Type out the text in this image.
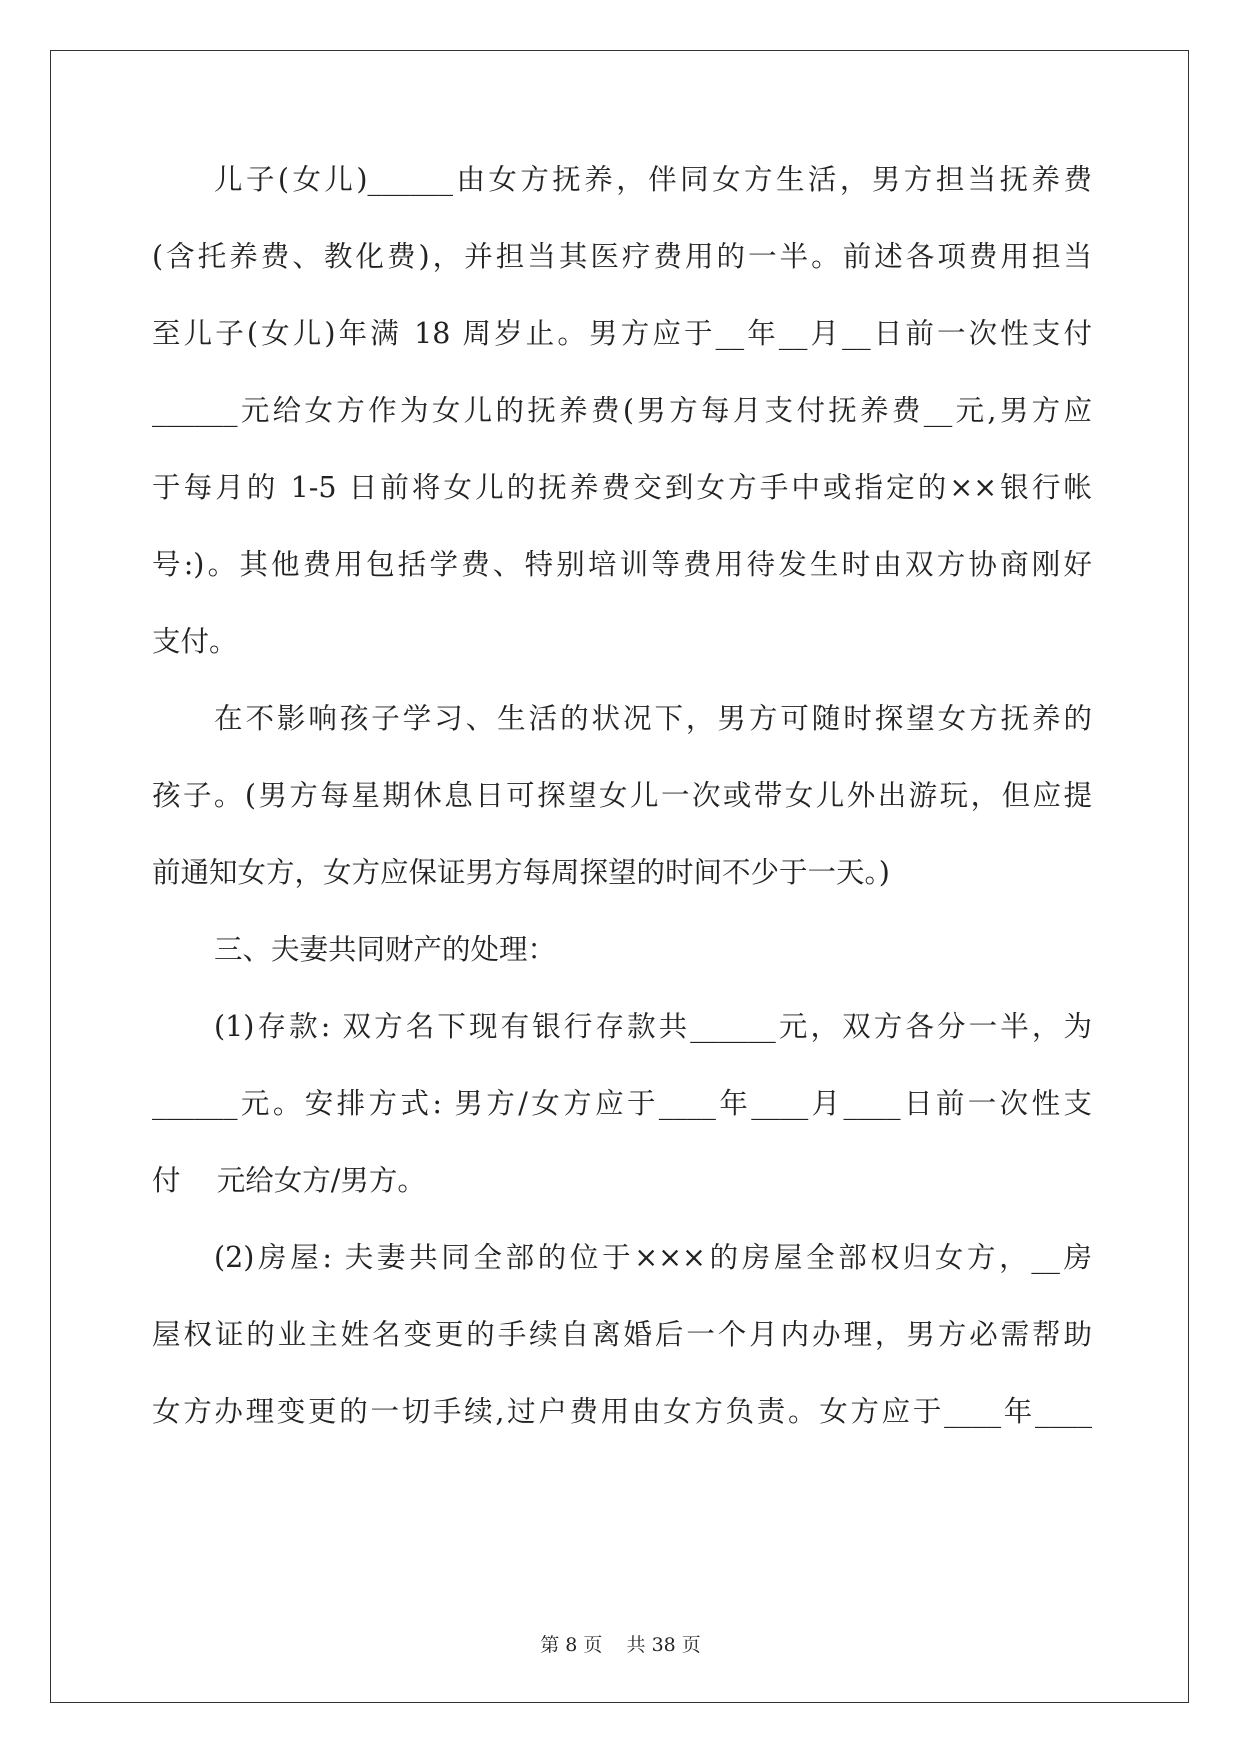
儿子(女儿)______由女方抚养，伴同女方生活，男方担当抚养费
(含托养费、教化费)，并担当其医疗费用的一半。前述各项费用担当
至儿子(女儿)年满 18 周岁止。男方应于__年__月__日前一次性支付
______元给女方作为女儿的抚养费(男方每月支付抚养费__元,男方应
于每月的 1-5 日前将女儿的抚养费交到女方手中或指定的××银行帐
号:)。其他费用包括学费、特别培训等费用待发生时由双方协商刚好
支付。
在不影响孩子学习、生活的状况下，男方可随时探望女方抚养的
孩子。(男方每星期休息日可探望女儿一次或带女儿外出游玩，但应提
前通知女方，女方应保证男方每周探望的时间不少于一天。)
三、夫妻共同财产的处理：
(1)存款: 双方名下现有银行存款共______元，双方各分一半，为
______元。安排方式: 男方/女方应于____年____月____日前一次性支
付    元给女方/男方。
(2)房屋: 夫妻共同全部的位于×××的房屋全部权归女方，__房
屋权证的业主姓名变更的手续自离婚后一个月内办理，男方必需帮助
女方办理变更的一切手续,过户费用由女方负责。女方应于____年____
第 8 页    共 38 页
